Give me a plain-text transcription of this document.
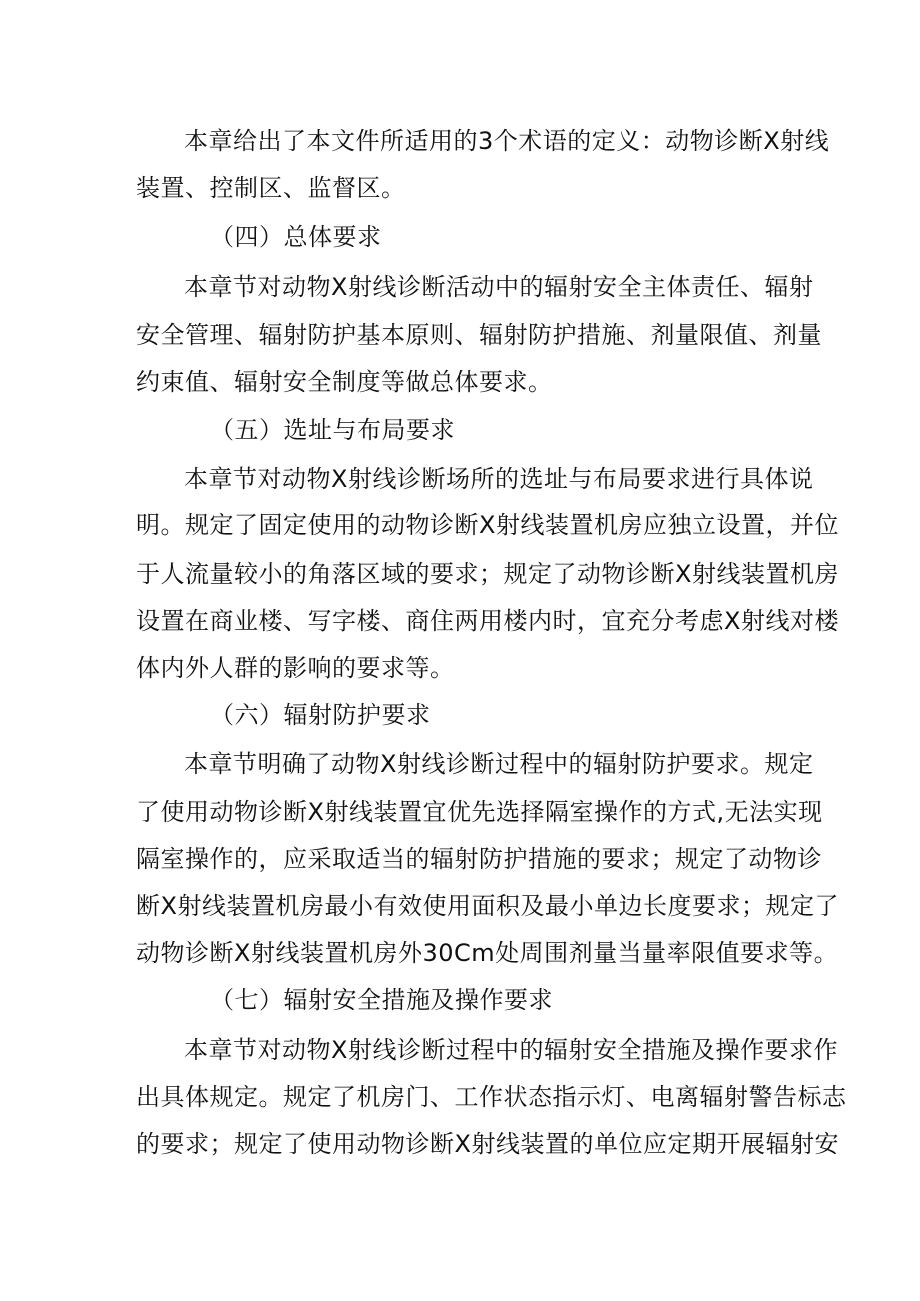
本章给出了本文件所适用的3个术语的定义：动物诊断X射线
装置、控制区、监督区。
（四）总体要求
本章节对动物X射线诊断活动中的辐射安全主体责任、辐射
安全管理、辐射防护基本原则、辐射防护措施、剂量限值、剂量
约束值、辐射安全制度等做总体要求。
（五）选址与布局要求
本章节对动物X射线诊断场所的选址与布局要求进行具体说
明。规定了固定使用的动物诊断X射线装置机房应独立设置，并位
于人流量较小的角落区域的要求；规定了动物诊断X射线装置机房
设置在商业楼、写字楼、商住两用楼内时，宜充分考虑X射线对楼
体内外人群的影响的要求等。
（六）辐射防护要求
本章节明确了动物X射线诊断过程中的辐射防护要求。规定
了使用动物诊断X射线装置宜优先选择隔室操作的方式,无法实现
隔室操作的，应采取适当的辐射防护措施的要求；规定了动物诊
断X射线装置机房最小有效使用面积及最小单边长度要求；规定了
动物诊断X射线装置机房外30Cm处周围剂量当量率限值要求等。
（七）辐射安全措施及操作要求
本章节对动物X射线诊断过程中的辐射安全措施及操作要求作
出具体规定。规定了机房门、工作状态指示灯、电离辐射警告标志
的要求；规定了使用动物诊断X射线装置的单位应定期开展辐射安
